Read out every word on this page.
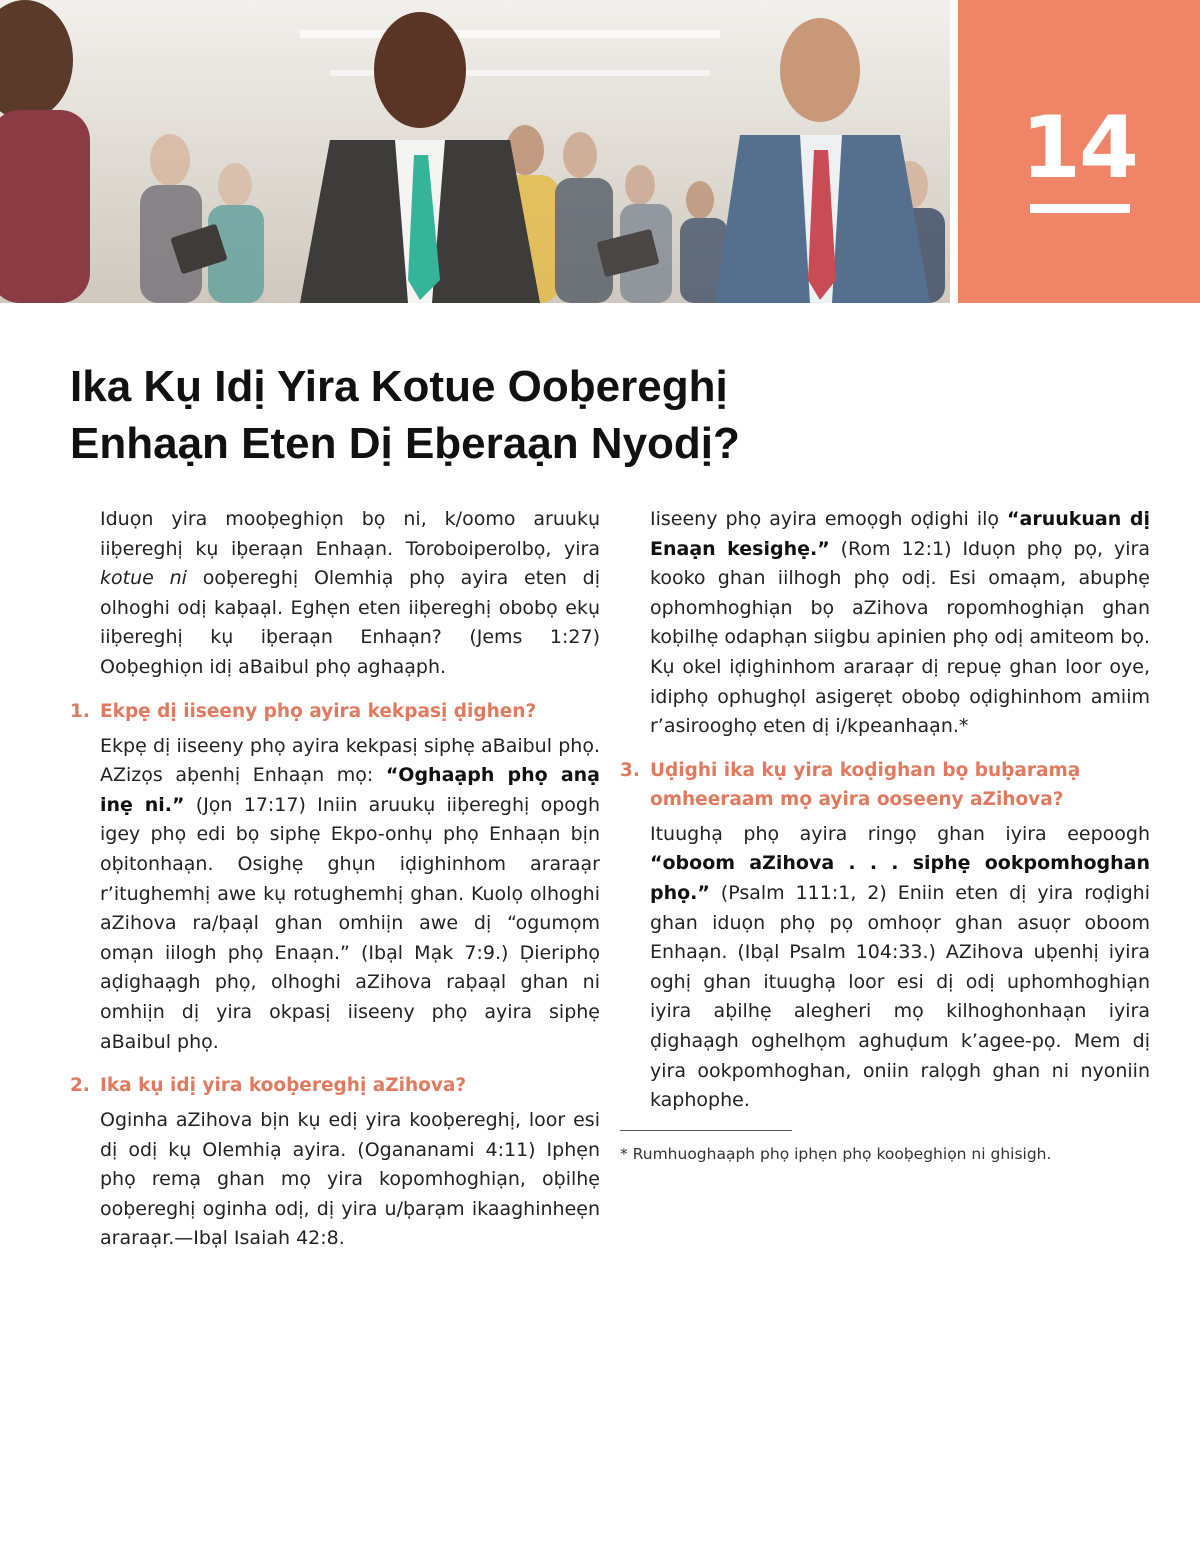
14
Ika Kụ Idị Yira Kotue Ooḅereghị
Enhaạn Eten Dị Eḅeraạn Nyodị?

Iduọn yira mooḅeghiọn bọ ni, k/oomo aruukụ iiḅereghị kụ iḅeraạn Enhaạn. Toroboiperolbọ, yira kotue ni ooḅereghị Olemhiạ phọ ayira eten dị olhoghi odị kaḅaạl. Eghẹn eten iiḅereghị obobọ ekụ iiḅereghị kụ iḅeraạn Enhaạn? (Jems 1:27) Ooḅeghiọn idị aBaibul phọ aghaạph.

1. Ekpẹ dị iiseeny phọ ayira kekpasị ḍighen?

Ekpẹ dị iiseeny phọ ayira kekpasị siphẹ aBaibul phọ. AZizọs aḅenhị Enhaạn mọ: “Oghaạph phọ anạ inẹ ni.” (Jọn 17:17) Iniin aruukụ iiḅereghị opogh igey phọ edi bọ siphẹ Ekpo-onhụ phọ Enhaạn bịn oḅitonhaạn. Osighẹ ghụn iḍighinhom araraạr r’itughemhị awe kụ rotughemhị ghan. Kuolọ olhoghi aZihova ra/ḅaạl ghan omhiịn awe dị “ogumọm omạn iilogh phọ Enaạn.” (Ibạl Mạk 7:9.) Ḍieriphọ aḍighaạgh phọ, olhoghi aZihova raḅaạl ghan ni omhiịn dị yira okpasị iiseeny phọ ayira siphẹ aBaibul phọ.

2. Ika kụ idị yira kooḅereghị aZihova?

Oginha aZihova bịn kụ edị yira kooḅereghị, loor esi dị odị kụ Olemhiạ ayira. (Ogananami 4:11) Iphẹn phọ remạ ghan mọ yira kopomhoghiạn, oḅilhẹ ooḅereghị oginha odị, dị yira u/ḅarạm ikaaghinheẹn araraạr.—Ibạl Isaiah 42:8.

Iiseeny phọ ayira emoọgh oḍighi ilọ “aruukuan dị Enaạn kesighẹ.” (Rom 12:1) Iduọn phọ pọ, yira kooko ghan iilhogh phọ odị. Esi omaạm, abuphẹ ophomhoghiạn bọ aZihova ropomhoghiạn ghan koḅilhẹ odaphạn siigbu apinien phọ odị amiteom bọ. Kụ okel iḍighinhom araraạr dị repuẹ ghan loor oye, idiphọ ophughọl asigerẹt obobọ oḍighinhom amiim r’asirooghọ eten dị i/kpeanhaạn.*

3. Uḍighi ika kụ yira koḍighan bọ buḅaramạ omheeraam mọ ayira ooseeny aZihova?

Ituughạ phọ ayira ringọ ghan iyira eepoogh “oboom aZihova . . . siphẹ ookpomhoghan phọ.” (Psalm 111:1, 2) Eniin eten dị yira roḍighi ghan iduọn phọ pọ omhoọr ghan asuọr oboom Enhaạn. (Ibạl Psalm 104:33.) AZihova uḅenhị iyira oghị ghan ituughạ loor esi dị odị uphomhoghiạn iyira aḅilhẹ alegheri mọ kilhoghonhaạn iyira ḍighaạgh oghelhọm aghuḍum k’agee-pọ. Mem dị yira ookpomhoghan, oniin ralọgh ghan ni nyoniin kaphophe.

* Rumhuoghaạph phọ iphẹn phọ kooḅeghiọn ni ghisigh.
